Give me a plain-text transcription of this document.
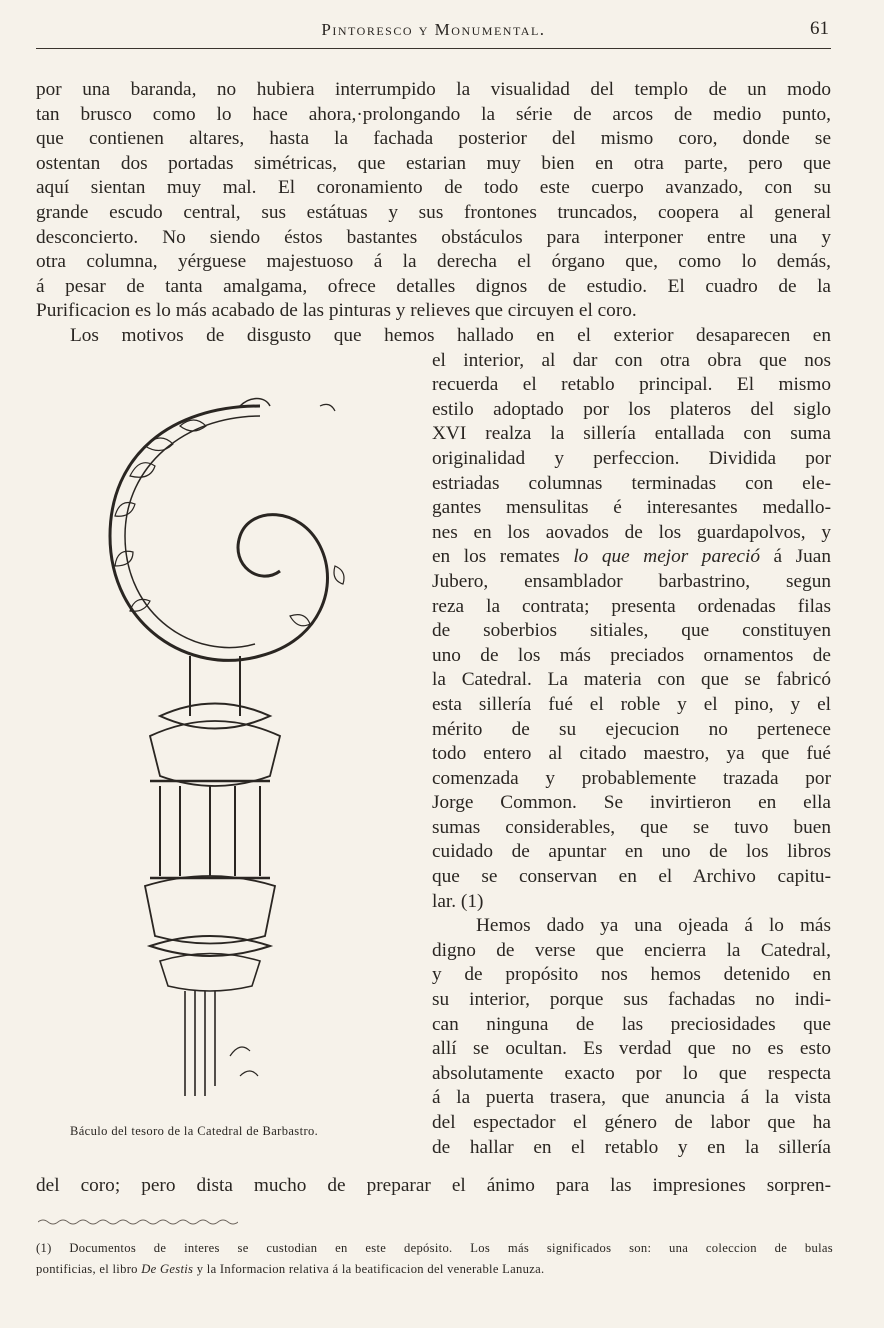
Pintoresco y Monumental.	61
por una baranda, no hubiera interrumpido la visualidad del templo de un modo
tan brusco como lo hace ahora,·prolongando la série de arcos de medio punto,
que contienen altares, hasta la fachada posterior del mismo coro, donde se
ostentan dos portadas simétricas, que estarian muy bien en otra parte, pero que
aquí sientan muy mal. El coronamiento de todo este cuerpo avanzado, con su
grande escudo central, sus estátuas y sus frontones truncados, coopera al general
desconcierto. No siendo éstos bastantes obstáculos para interponer entre una y
otra columna, yérguese majestuoso á la derecha el órgano que, como lo demás,
á pesar de tanta amalgama, ofrece detalles dignos de estudio. El cuadro de la
Purificacion es lo más acabado de las pinturas y relieves que circuyen el coro.
Los motivos de disgusto que hemos hallado en el exterior desaparecen en
el interior, al dar con otra obra que nos
recuerda el retablo principal. El mismo
estilo adoptado por los plateros del siglo
XVI realza la sillería entallada con suma
originalidad y perfeccion. Dividida por
estriadas columnas terminadas con ele-
gantes mensulitas é interesantes medallo-
nes en los aovados de los guardapolvos, y
en los remates lo que mejor pareció á Juan
Jubero, ensamblador barbastrino, segun
reza la contrata; presenta ordenadas filas
de soberbios sitiales, que constituyen
uno de los más preciados ornamentos de
la Catedral. La materia con que se fabricó
esta sillería fué el roble y el pino, y el
mérito de su ejecucion no pertenece
todo entero al citado maestro, ya que fué
comenzada y probablemente trazada por
Jorge Common. Se invirtieron en ella
sumas considerables, que se tuvo buen
cuidado de apuntar en uno de los libros
que se conservan en el Archivo capitu-
lar. (1)
Hemos dado ya una ojeada á lo más
digno de verse que encierra la Catedral,
y de propósito nos hemos detenido en
su interior, porque sus fachadas no indi-
can ninguna de las preciosidades que
allí se ocultan. Es verdad que no es esto
absolutamente exacto por lo que respecta
á la puerta trasera, que anuncia á la vista
del espectador el género de labor que ha
de hallar en el retablo y en la sillería
del coro; pero dista mucho de preparar el ánimo para las impresiones sorpren-
Báculo del tesoro de la Catedral de Barbastro.
(1) Documentos de interes se custodian en este depósito. Los más significados son: una coleccion de bulas
pontificias, el libro De Gestis y la Informacion relativa á la beatificacion del venerable Lanuza.
